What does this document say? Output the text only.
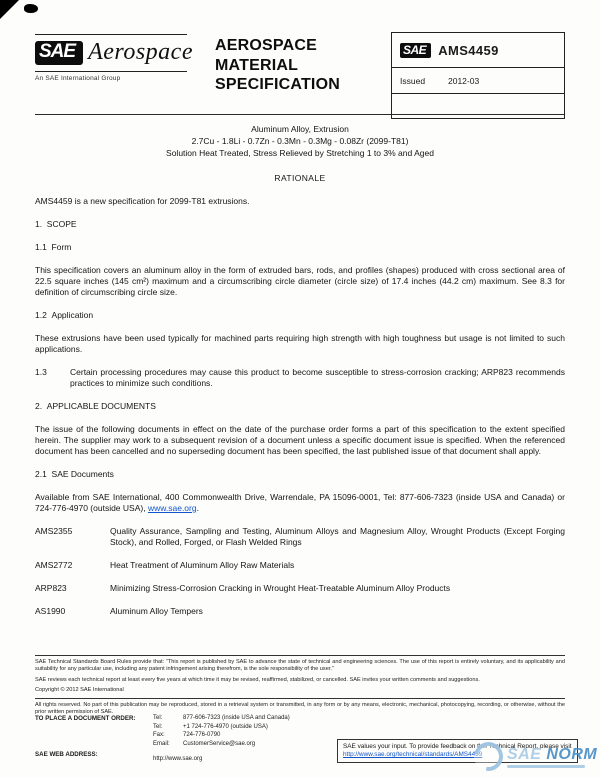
SAE Aerospace
An SAE International Group
AEROSPACE MATERIAL SPECIFICATION
SAE AMS4459
Issued	2012-03
Aluminum Alloy, Extrusion
2.7Cu - 1.8Li - 0.7Zn - 0.3Mn - 0.3Mg - 0.08Zr (2099-T81)
Solution Heat Treated, Stress Relieved by Stretching 1 to 3% and Aged
RATIONALE

AMS4459 is a new specification for 2099-T81 extrusions.

1.  SCOPE

1.1  Form

This specification covers an aluminum alloy in the form of extruded bars, rods, and profiles (shapes) produced with cross sectional area of 22.5 square inches (145 cm²) maximum and a circumscribing circle diameter (circle size) of 17.4 inches (44.2 cm) maximum. See 8.3 for definition of circumscribing circle size.

1.2  Application

These extrusions have been used typically for machined parts requiring high strength with high toughness but usage is not limited to such applications.

1.3	Certain processing procedures may cause this product to become susceptible to stress-corrosion cracking; ARP823 recommends practices to minimize such conditions.

2.  APPLICABLE DOCUMENTS

The issue of the following documents in effect on the date of the purchase order forms a part of this specification to the extent specified herein. The supplier may work to a subsequent revision of a document unless a specific document issue is specified. When the referenced document has been cancelled and no superseding document has been specified, the last published issue of that document shall apply.

2.1  SAE Documents

Available from SAE International, 400 Commonwealth Drive, Warrendale, PA 15096-0001, Tel: 877-606-7323 (inside USA and Canada) or 724-776-4970 (outside USA), www.sae.org.

AMS2355	Quality Assurance, Sampling and Testing, Aluminum Alloys and Magnesium Alloy, Wrought Products (Except Forging Stock), and Rolled, Forged, or Flash Welded Rings
AMS2772	Heat Treatment of Aluminum Alloy Raw Materials
ARP823	Minimizing Stress-Corrosion Cracking in Wrought Heat-Treatable Aluminum Alloy Products
AS1990	Aluminum Alloy Tempers

SAE Technical Standards Board Rules provide that: “This report is published by SAE to advance the state of technical and engineering sciences. The use of this report is entirely voluntary, and its applicability and suitability for any particular use, including any patent infringement arising therefrom, is the sole responsibility of the user.”

SAE reviews each technical report at least every five years at which time it may be revised, reaffirmed, stabilized, or cancelled. SAE invites your written comments and suggestions.

Copyright © 2012 SAE International

All rights reserved. No part of this publication may be reproduced, stored in a retrieval system or transmitted, in any form or by any means, electronic, mechanical, photocopying, recording, or otherwise, without the prior written permission of SAE.

TO PLACE A DOCUMENT ORDER:
SAE WEB ADDRESS:
Tel:	877-606-7323 (inside USA and Canada)
Tel:	+1 724-776-4970 (outside USA)
Fax:	724-776-0790
Email:	CustomerService@sae.org
http://www.sae.org
SAE values your input. To provide feedback on this Technical Report, please visit
http://www.sae.org/technical/standards/AMS4459	SAE NORM
